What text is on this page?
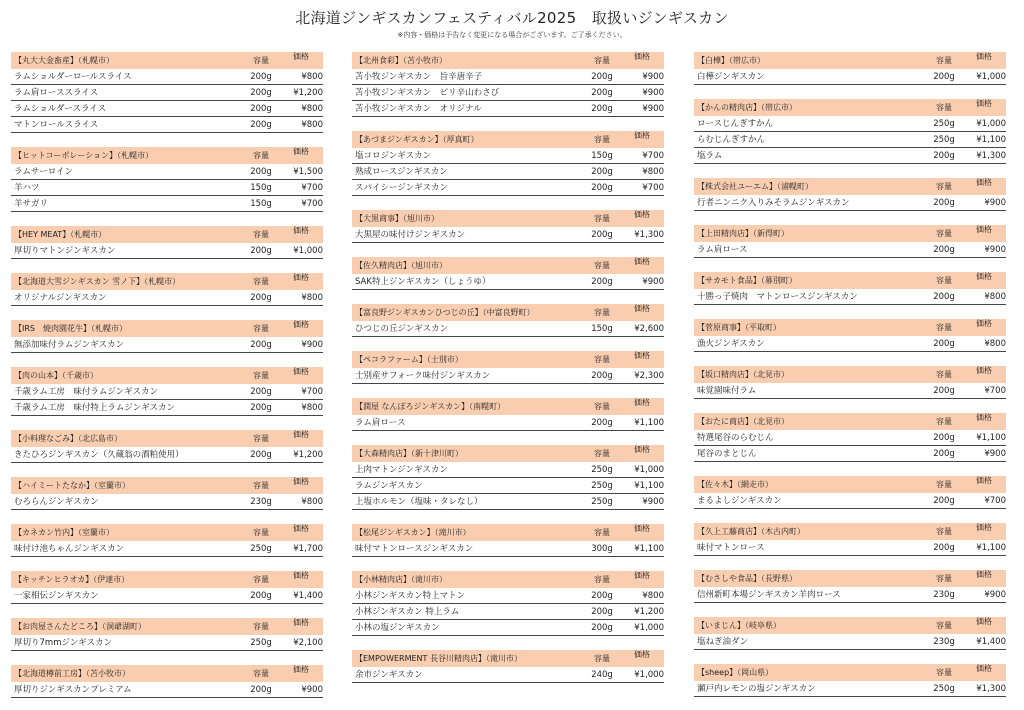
北海道ジンギスカンフェスティバル2025　取扱いジンギスカン
※内容・価格は予告なく変更になる場合がございます。ご了承ください。
【丸大大金畜産】（札幌市）	容量	価格
ラムショルダーロールスライス	200g	¥800
ラム肩ローススライス	200g	¥1,200
ラムショルダースライス	200g	¥800
マトンロールスライス	200g	¥800
【ヒットコーポレーション】（札幌市）	容量	価格
ラムサーロイン	200g	¥1,500
羊ハツ	150g	¥700
羊サガリ	150g	¥700
【HEY MEAT】（札幌市）	容量	価格
厚切りマトンジンギスカン	200g	¥1,000
【北海道大雪ジンギスカン 雪ノ下】（札幌市）	容量	価格
オリジナルジンギスカン	200g	¥800
【IRS　焼肉園花牛】（札幌市）	容量	価格
無添加味付ラムジンギスカン	200g	¥900
【肉の山本】（千歳市）	容量	価格
千歳ラム工房　味付ラムジンギスカン	200g	¥700
千歳ラム工房　味付特上ラムジンギスカン	200g	¥800
【小料理なごみ】（北広島市）	容量	価格
きたひろジンギスカン（久蔵翁の酒粕使用）	200g	¥1,200
【ハイミートたなか】（室蘭市）	容量	価格
むろらんジンギスカン	230g	¥800
【カネカン竹内】（室蘭市）	容量	価格
味付け池ちゃんジンギスカン	250g	¥1,700
【キッチンヒラオカ】（伊達市）	容量	価格
一家相伝ジンギスカン	200g	¥1,400
【お肉屋さんたどころ】（洞爺湖町）	容量	価格
厚切り7mmジンギスカン	250g	¥2,100
【北海道樽前工房】（苫小牧市）	容量	価格
厚切りジンギスカンプレミアム	200g	¥900
【北州食彩】（苫小牧市）	容量	価格
苫小牧ジンギスカン　旨辛唐辛子	200g	¥900
苫小牧ジンギスカン　ピリ辛山わさび	200g	¥900
苫小牧ジンギスカン　オリジナル	200g	¥900
【あづまジンギスカン】（厚真町）	容量	価格
塩コロジンギスカン	150g	¥700
熟成ロースジンギスカン	200g	¥800
スパイシージンギスカン	200g	¥700
【大黒商事】（旭川市）	容量	価格
大黒屋の味付けジンギスカン	200g	¥1,300
【佐久精肉店】（旭川市）	容量	価格
SAK特上ジンギスカン（しょうゆ）	200g	¥900
【富良野ジンギスカンひつじの丘】（中富良野町）	容量	価格
ひつじの丘ジンギスカン	150g	¥2,600
【ペコラファーム】（士別市）	容量	価格
士別産サフォーク味付ジンギスカン	200g	¥2,300
【潤屋 なんぽろジンギスカン】（南幌町）	容量	価格
ラム肩ロース	200g	¥1,100
【大森精肉店】（新十津川町）	容量	価格
上肉マトンジンギスカン	250g	¥1,000
ラムジンギスカン	250g	¥1,100
上塩ホルモン（塩味・タレなし）	250g	¥900
【松尾ジンギスカン】（滝川市）	容量	価格
味付マトンロースジンギスカン	300g	¥1,100
【小林精肉店】（滝川市）	容量	価格
小林ジンギスカン特上マトン	200g	¥800
小林ジンギスカン 特上ラム	200g	¥1,200
小林の塩ジンギスカン	200g	¥1,000
【EMPOWERMENT 長谷川精肉店】（滝川市）	容量	価格
余市ジンギスカン	240g	¥1,000
【白樺】（帯広市）	容量	価格
白樺ジンギスカン	200g	¥1,000
【かんの精肉店】（帯広市）	容量	価格
ロースじんぎすかん	250g	¥1,000
らむじんぎすかん	250g	¥1,100
塩ラム	200g	¥1,300
【株式会社ユーエム】（浦幌町）	容量	価格
行者ニンニク入りみそラムジンギスカン	200g	¥900
【上田精肉店】（新得町）	容量	価格
ラム肩ロース	200g	¥900
【サカモト食品】（幕別町）	容量	価格
十勝っ子焼肉　マトンロースジンギスカン	200g	¥800
【菅原商事】（平取町）	容量	価格
漁火ジンギスカン	200g	¥800
【坂口精肉店】（北見市）	容量	価格
味覚園味付ラム	200g	¥700
【おたに商店】（北見市）	容量	価格
特選尾谷のらむじん	200g	¥1,100
尾谷のまとじん	200g	¥900
【佐々木】（網走市）	容量	価格
まるよしジンギスカン	200g	¥700
【久上工藤商店】（木古内町）	容量	価格
味付マトンロース	200g	¥1,100
【むさしや食品】（長野県）	容量	価格
信州新町本場ジンギスカン羊肉ロース	230g	¥900
【いまじん】（岐阜県）	容量	価格
塩ねぎ油ダン	230g	¥1,400
【sheep】（岡山県）	容量	価格
瀬戸内レモンの塩ジンギスカン	250g	¥1,300
